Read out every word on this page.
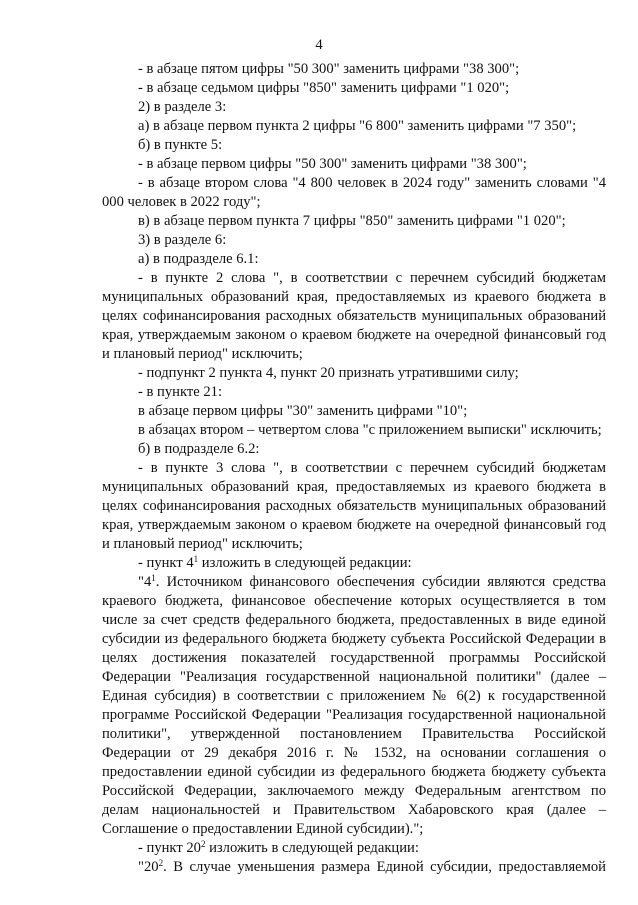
4

- в абзаце пятом цифры "50 300" заменить цифрами "38 300";

- в абзаце седьмом цифры "850" заменить цифрами "1 020";

2) в разделе 3:

а) в абзаце первом пункта 2 цифры "6 800" заменить цифрами "7 350";

б) в пункте 5:

- в абзаце первом цифры "50 300" заменить цифрами "38 300";

- в абзаце втором слова "4 800 человек в 2024 году" заменить словами "4 000 человек в 2022 году";

в) в абзаце первом пункта 7 цифры "850" заменить цифрами "1 020";

3) в разделе 6:

а) в подразделе 6.1:

- в пункте 2 слова ", в соответствии с перечнем субсидий бюджетам муниципальных образований края, предоставляемых из краевого бюджета в целях софинансирования расходных обязательств муниципальных образований края, утверждаемым законом о краевом бюджете на очередной финансовый год и плановый период" исключить;

- подпункт 2 пункта 4, пункт 20 признать утратившими силу;

- в пункте 21:

в абзаце первом цифры "30" заменить цифрами "10";

в абзацах втором – четвертом слова "с приложением выписки" исключить;

б) в подразделе 6.2:

- в пункте 3 слова ", в соответствии с перечнем субсидий бюджетам муниципальных образований края, предоставляемых из краевого бюджета в целях софинансирования расходных обязательств муниципальных образований края, утверждаемым законом о краевом бюджете на очередной финансовый год и плановый период" исключить;

- пункт $4^1$ изложить в следующей редакции:

"$4^1$. Источником финансового обеспечения субсидии являются средства краевого бюджета, финансовое обеспечение которых осуществляется в том числе за счет средств федерального бюджета, предоставленных в виде единой субсидии из федерального бюджета бюджету субъекта Российской Федерации в целях достижения показателей государственной программы Российской Федерации "Реализация государственной национальной политики" (далее – Единая субсидия) в соответствии с приложением № 6(2) к государственной программе Российской Федерации "Реализация государственной национальной политики", утвержденной постановлением Правительства Российской Федерации от 29 декабря 2016 г. № 1532, на основании соглашения о предоставлении единой субсидии из федерального бюджета бюджету субъекта Российской Федерации, заключаемого между Федеральным агентством по делам национальностей и Правительством Хабаровского края (далее – Соглашение о предоставлении Единой субсидии).";

- пункт $20^2$ изложить в следующей редакции:

"$20^2$. В случае уменьшения размера Единой субсидии, предоставляемой
